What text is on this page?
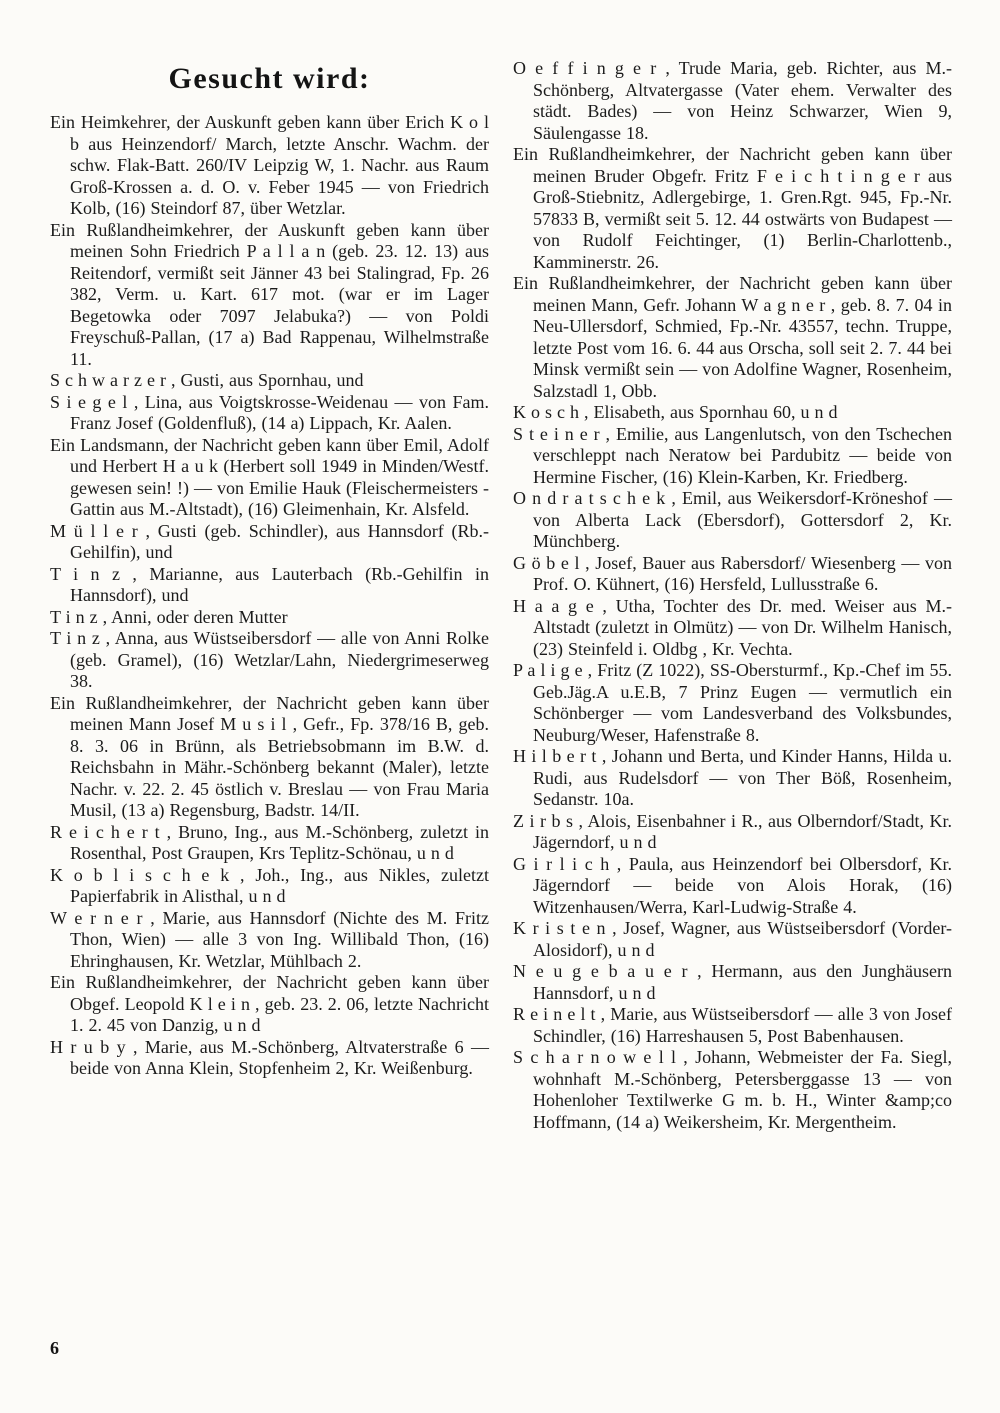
Gesucht wird:

Ein Heimkehrer, der Auskunft geben kann über Erich K o l b aus Heinzendorf/ March, letzte Anschr. Wachm. der schw. Flak-Batt. 260/IV Leipzig W, 1. Nachr. aus Raum Groß-Krossen a. d. O. v. Feber 1945 — von Friedrich Kolb, (16) Steindorf 87, über Wetzlar.

Ein Rußlandheimkehrer, der Auskunft geben kann über meinen Sohn Friedrich P a l l a n (geb. 23. 12. 13) aus Reitendorf, vermißt seit Jänner 43 bei Stalingrad, Fp. 26 382, Verm. u. Kart. 617 mot. (war er im Lager Begetowka oder 7097 Jelabuka?) — von Poldi Freyschuß-Pallan, (17 a) Bad Rappenau, Wilhelmstraße 11.

S c h w a r z e r , Gusti, aus Spornhau, und

S i e g e l , Lina, aus Voigtskrosse-Weidenau — von Fam. Franz Josef (Goldenfluß), (14 a) Lippach, Kr. Aalen.

Ein Landsmann, der Nachricht geben kann über Emil, Adolf und Herbert H a u k (Herbert soll 1949 in Minden/Westf. gewesen sein! !) — von Emilie Hauk (Fleischermeisters - Gattin aus M.-Altstadt), (16) Gleimenhain, Kr. Alsfeld.

M ü l l e r , Gusti (geb. Schindler), aus Hannsdorf (Rb.-Gehilfin), und

T i n z , Marianne, aus Lauterbach (Rb.-Gehilfin in Hannsdorf), und

T i n z , Anni, oder deren Mutter

T i n z , Anna, aus Wüstseibersdorf — alle von Anni Rolke (geb. Gramel), (16) Wetzlar/Lahn, Niedergrimeserweg 38.

Ein Rußlandheimkehrer, der Nachricht geben kann über meinen Mann Josef M u s i l , Gefr., Fp. 378/16 B, geb. 8. 3. 06 in Brünn, als Betriebsobmann im B.W. d. Reichsbahn in Mähr.-Schönberg bekannt (Maler), letzte Nachr. v. 22. 2. 45 östlich v. Breslau — von Frau Maria Musil, (13 a) Regensburg, Badstr. 14/II.

R e i c h e r t , Bruno, Ing., aus M.-Schönberg, zuletzt in Rosenthal, Post Graupen, Krs Teplitz-Schönau, u n d

K o b l i s c h e k , Joh., Ing., aus Nikles, zuletzt Papierfabrik in Alisthal, u n d

W e r n e r , Marie, aus Hannsdorf (Nichte des M. Fritz Thon, Wien) — alle 3 von Ing. Willibald Thon, (16) Ehringhausen, Kr. Wetzlar, Mühlbach 2.

Ein Rußlandheimkehrer, der Nachricht geben kann über Obgef. Leopold K l e i n , geb. 23. 2. 06, letzte Nachricht 1. 2. 45 von Danzig, u n d

H r u b y , Marie, aus M.-Schönberg, Altvaterstraße 6 — beide von Anna Klein, Stopfenheim 2, Kr. Weißenburg.

O e f f i n g e r , Trude Maria, geb. Richter, aus M.-Schönberg, Altvatergasse (Vater ehem. Verwalter des städt. Bades) — von Heinz Schwarzer, Wien 9, Säulengasse 18.

Ein Rußlandheimkehrer, der Nachricht geben kann über meinen Bruder Obgefr. Fritz F e i c h t i n g e r aus Groß-Stiebnitz, Adlergebirge, 1. Gren.Rgt. 945, Fp.-Nr. 57833 B, vermißt seit 5. 12. 44 ostwärts von Budapest — von Rudolf Feichtinger, (1) Berlin-Charlottenb., Kamminerstr. 26.

Ein Rußlandheimkehrer, der Nachricht geben kann über meinen Mann, Gefr. Johann W a g n e r , geb. 8. 7. 04 in Neu-Ullersdorf, Schmied, Fp.-Nr. 43557, techn. Truppe, letzte Post vom 16. 6. 44 aus Orscha, soll seit 2. 7. 44 bei Minsk vermißt sein — von Adolfine Wagner, Rosenheim, Salzstadl 1, Obb.

K o s c h , Elisabeth, aus Spornhau 60, u n d

S t e i n e r , Emilie, aus Langenlutsch, von den Tschechen verschleppt nach Neratow bei Pardubitz — beide von Hermine Fischer, (16) Klein-Karben, Kr. Friedberg.

O n d r a t s c h e k , Emil, aus Weikersdorf-Kröneshof — von Alberta Lack (Ebersdorf), Gottersdorf 2, Kr. Münchberg.

G ö b e l , Josef, Bauer aus Rabersdorf/ Wiesenberg — von Prof. O. Kühnert, (16) Hersfeld, Lullusstraße 6.

H a a g e , Utha, Tochter des Dr. med. Weiser aus M.-Altstadt (zuletzt in Olmütz) — von Dr. Wilhelm Hanisch, (23) Steinfeld i. Oldbg , Kr. Vechta.

P a l i g e , Fritz (Z 1022), SS-Obersturmf., Kp.-Chef im 55. Geb.Jäg.A u.E.B, 7 Prinz Eugen — vermutlich ein Schönberger — vom Landesverband des Volksbundes, Neuburg/Weser, Hafenstraße 8.

H i l b e r t , Johann und Berta, und Kinder Hanns, Hilda u. Rudi, aus Rudelsdorf — von Ther Böß, Rosenheim, Sedanstr. 10a.

Z i r b s , Alois, Eisenbahner i R., aus Olberndorf/Stadt, Kr. Jägerndorf, u n d

G i r l i c h , Paula, aus Heinzendorf bei Olbersdorf, Kr. Jägerndorf — beide von Alois Horak, (16) Witzenhausen/Werra, Karl-Ludwig-Straße 4.

K r i s t e n , Josef, Wagner, aus Wüstseibersdorf (Vorder-Alosidorf), u n d

N e u g e b a u e r , Hermann, aus den Junghäusern Hannsdorf, u n d

R e i n e l t , Marie, aus Wüstseibersdorf — alle 3 von Josef Schindler, (16) Harreshausen 5, Post Babenhausen.

S c h a r n o w e l l , Johann, Webmeister der Fa. Siegl, wohnhaft M.-Schönberg, Petersberggasse 13 — von Hohenloher Textilwerke G m. b. H., Winter &amp;co Hoffmann, (14 a) Weikersheim, Kr. Mergentheim.

6
